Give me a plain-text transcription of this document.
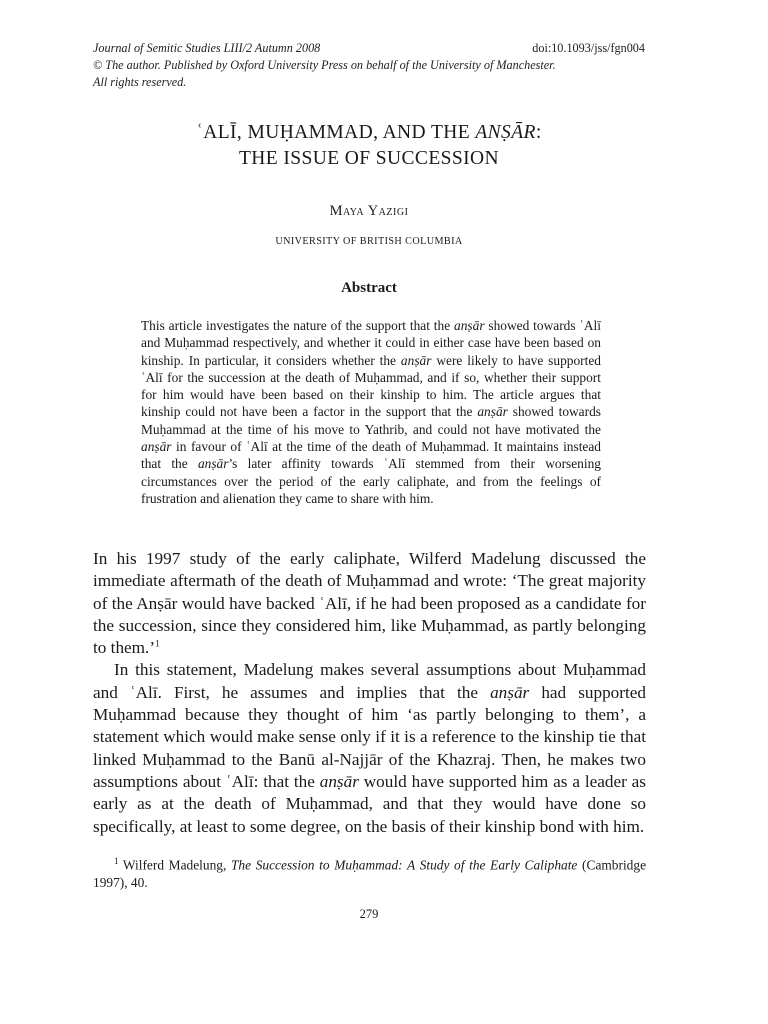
Journal of Semitic Studies LIII/2 Autumn 2008	doi:10.1093/jss/fgn004
© The author. Published by Oxford University Press on behalf of the University of Manchester.
All rights reserved.
ʿALĪ, MUḤAMMAD, AND THE ANṢĀR:
THE ISSUE OF SUCCESSION
Maya Yazigi
UNIVERSITY OF BRITISH COLUMBIA
Abstract

This article investigates the nature of the support that the anṣār showed towards ʿAlī and Muḥammad respectively, and whether it could in either case have been based on kinship. In particular, it considers whether the anṣār were likely to have supported ʿAlī for the succession at the death of Muḥammad, and if so, whether their support for him would have been based on their kinship to him. The article argues that kinship could not have been a factor in the support that the anṣār showed towards Muḥammad at the time of his move to Yathrib, and could not have motivated the anṣār in favour of ʿAlī at the time of the death of Muḥammad. It maintains instead that the anṣār’s later affinity towards ʿAlī stemmed from their worsening circumstances over the period of the early caliphate, and from the feelings of frustration and alienation they came to share with him.

In his 1997 study of the early caliphate, Wilferd Madelung discussed the immediate aftermath of the death of Muḥammad and wrote: ‘The great majority of the Anṣār would have backed ʿAlī, if he had been proposed as a candidate for the succession, since they considered him, like Muḥammad, as partly belonging to them.’$^1$

In this statement, Madelung makes several assumptions about Muḥammad and ʿAlī. First, he assumes and implies that the anṣār had supported Muḥammad because they thought of him ‘as partly belonging to them’, a statement which would make sense only if it is a reference to the kinship tie that linked Muḥammad to the Banū al-Najjār of the Khazraj. Then, he makes two assumptions about ʿAlī: that the anṣār would have supported him as a leader as early as at the death of Muḥammad, and that they would have done so specifically, at least to some degree, on the basis of their kinship bond with him.

$^1$ Wilferd Madelung, The Succession to Muḥammad: A Study of the Early Caliphate (Cambridge 1997), 40.

279
